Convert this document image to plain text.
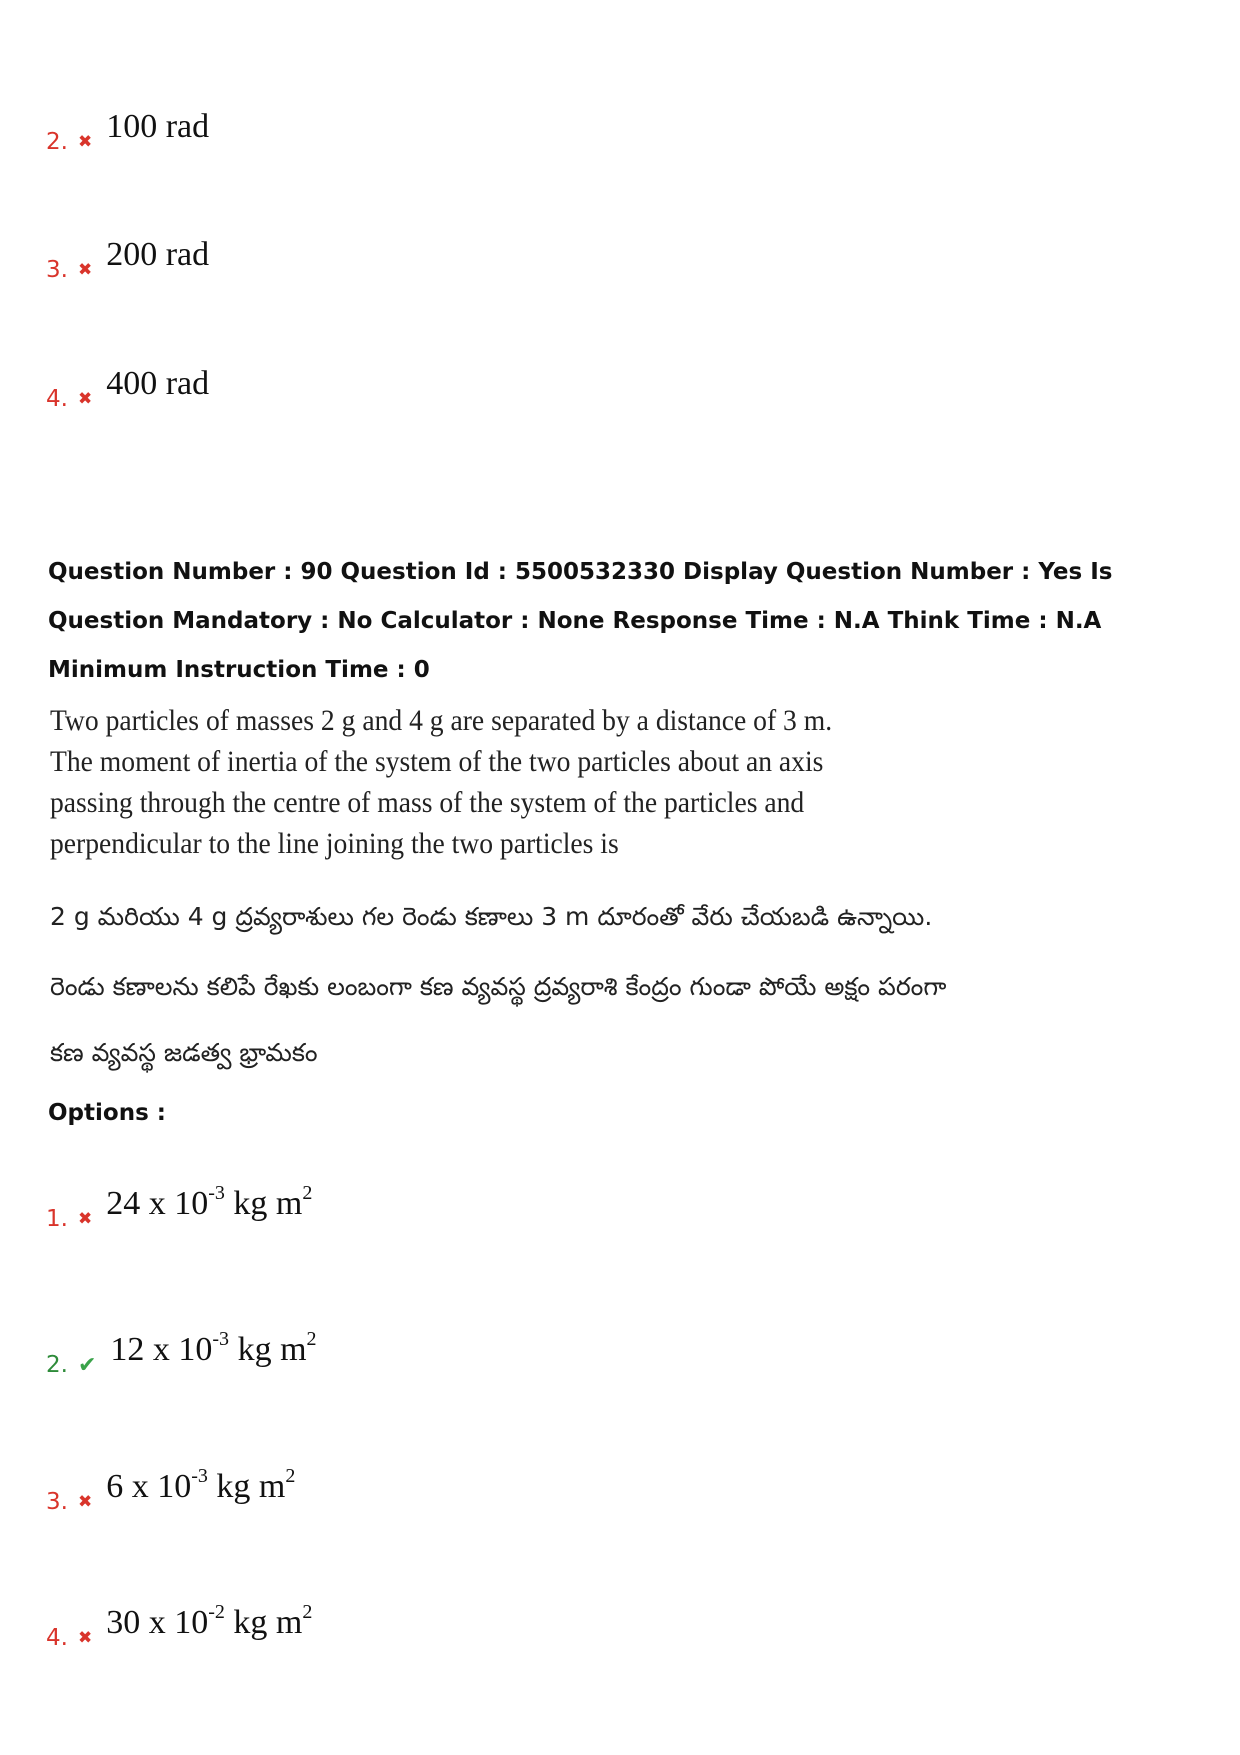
2. ✖ 100 rad
3. ✖ 200 rad
4. ✖ 400 rad
Question Number : 90 Question Id : 5500532330 Display Question Number : Yes Is Question Mandatory : No Calculator : None Response Time : N.A Think Time : N.A Minimum Instruction Time : 0
Two particles of masses 2 g and 4 g are separated by a distance of 3 m. The moment of inertia of the system of the two particles about an axis passing through the centre of mass of the system of the particles and perpendicular to the line joining the two particles is
2 g మరియు 4 g ద్రవ్యరాశులు గల రెండు కణాలు 3 m దూరంతో వేరు చేయబడి ఉన్నాయి.
రెండు కణాలను కలిపే రేఖకు లంబంగా కణ వ్యవస్థ ద్రవ్యరాశి కేంద్రం గుండా పోయే అక్షం పరంగా
కణ వ్యవస్థ జడత్వ భ్రామకం
Options :
1. ✖ 24 x $10^{-3}$ kg $m^2$
2. ✔ 12 x $10^{-3}$ kg $m^2$
3. ✖ 6 x $10^{-3}$ kg $m^2$
4. ✖ 30 x $10^{-2}$ kg $m^2$
